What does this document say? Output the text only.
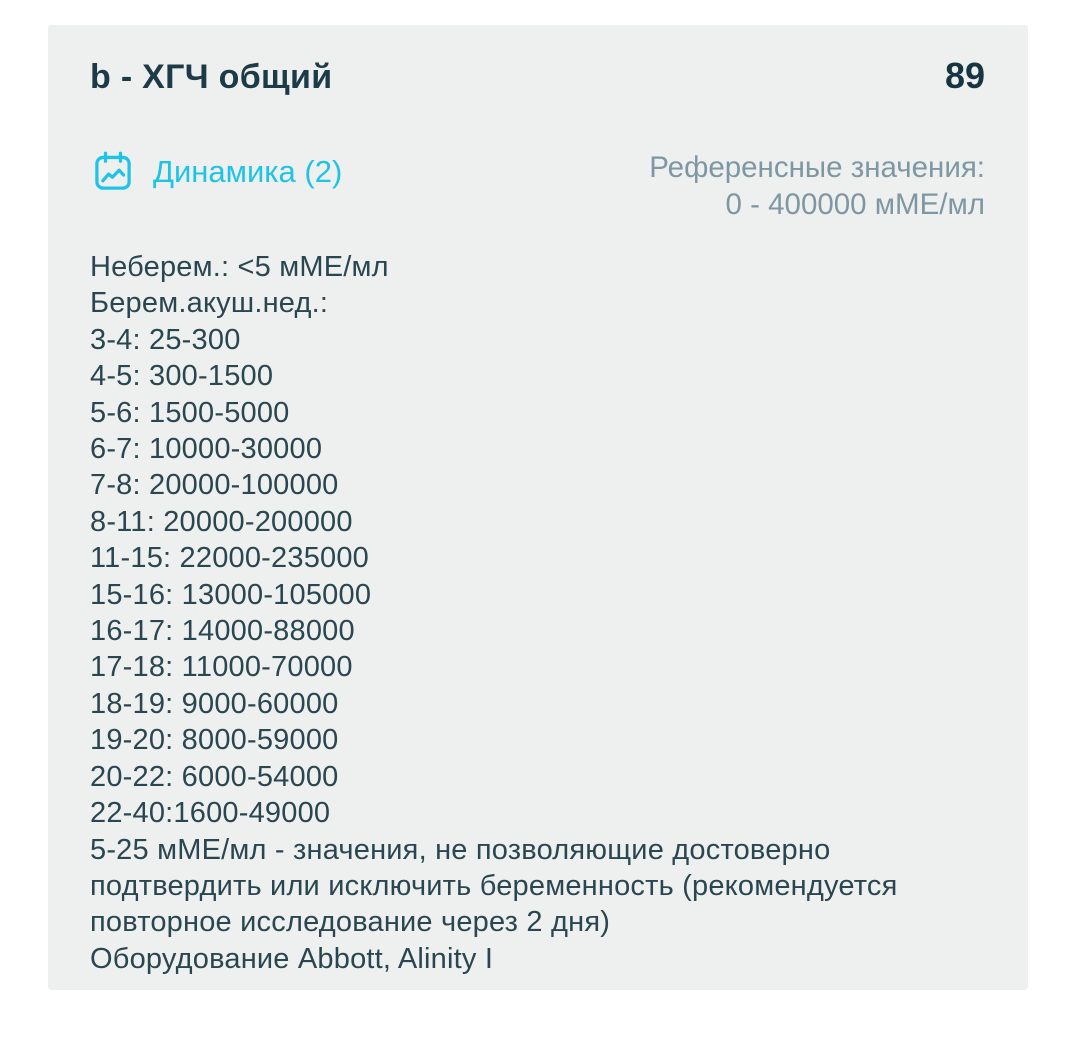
b - ХГЧ общий	89
Динамика (2)	Референсные значения:
0 - 400000 мМЕ/мл
Неберем.: <5 мМЕ/мл
Берем.акуш.нед.:
3-4: 25-300
4-5: 300-1500
5-6: 1500-5000
6-7: 10000-30000
7-8: 20000-100000
8-11: 20000-200000
11-15: 22000-235000
15-16: 13000-105000
16-17: 14000-88000
17-18: 11000-70000
18-19: 9000-60000
19-20: 8000-59000
20-22: 6000-54000
22-40:1600-49000
5-25 мМЕ/мл - значения, не позволяющие достоверно
подтвердить или исключить беременность (рекомендуется
повторное исследование через 2 дня)
Оборудование Abbott, Alinity I
